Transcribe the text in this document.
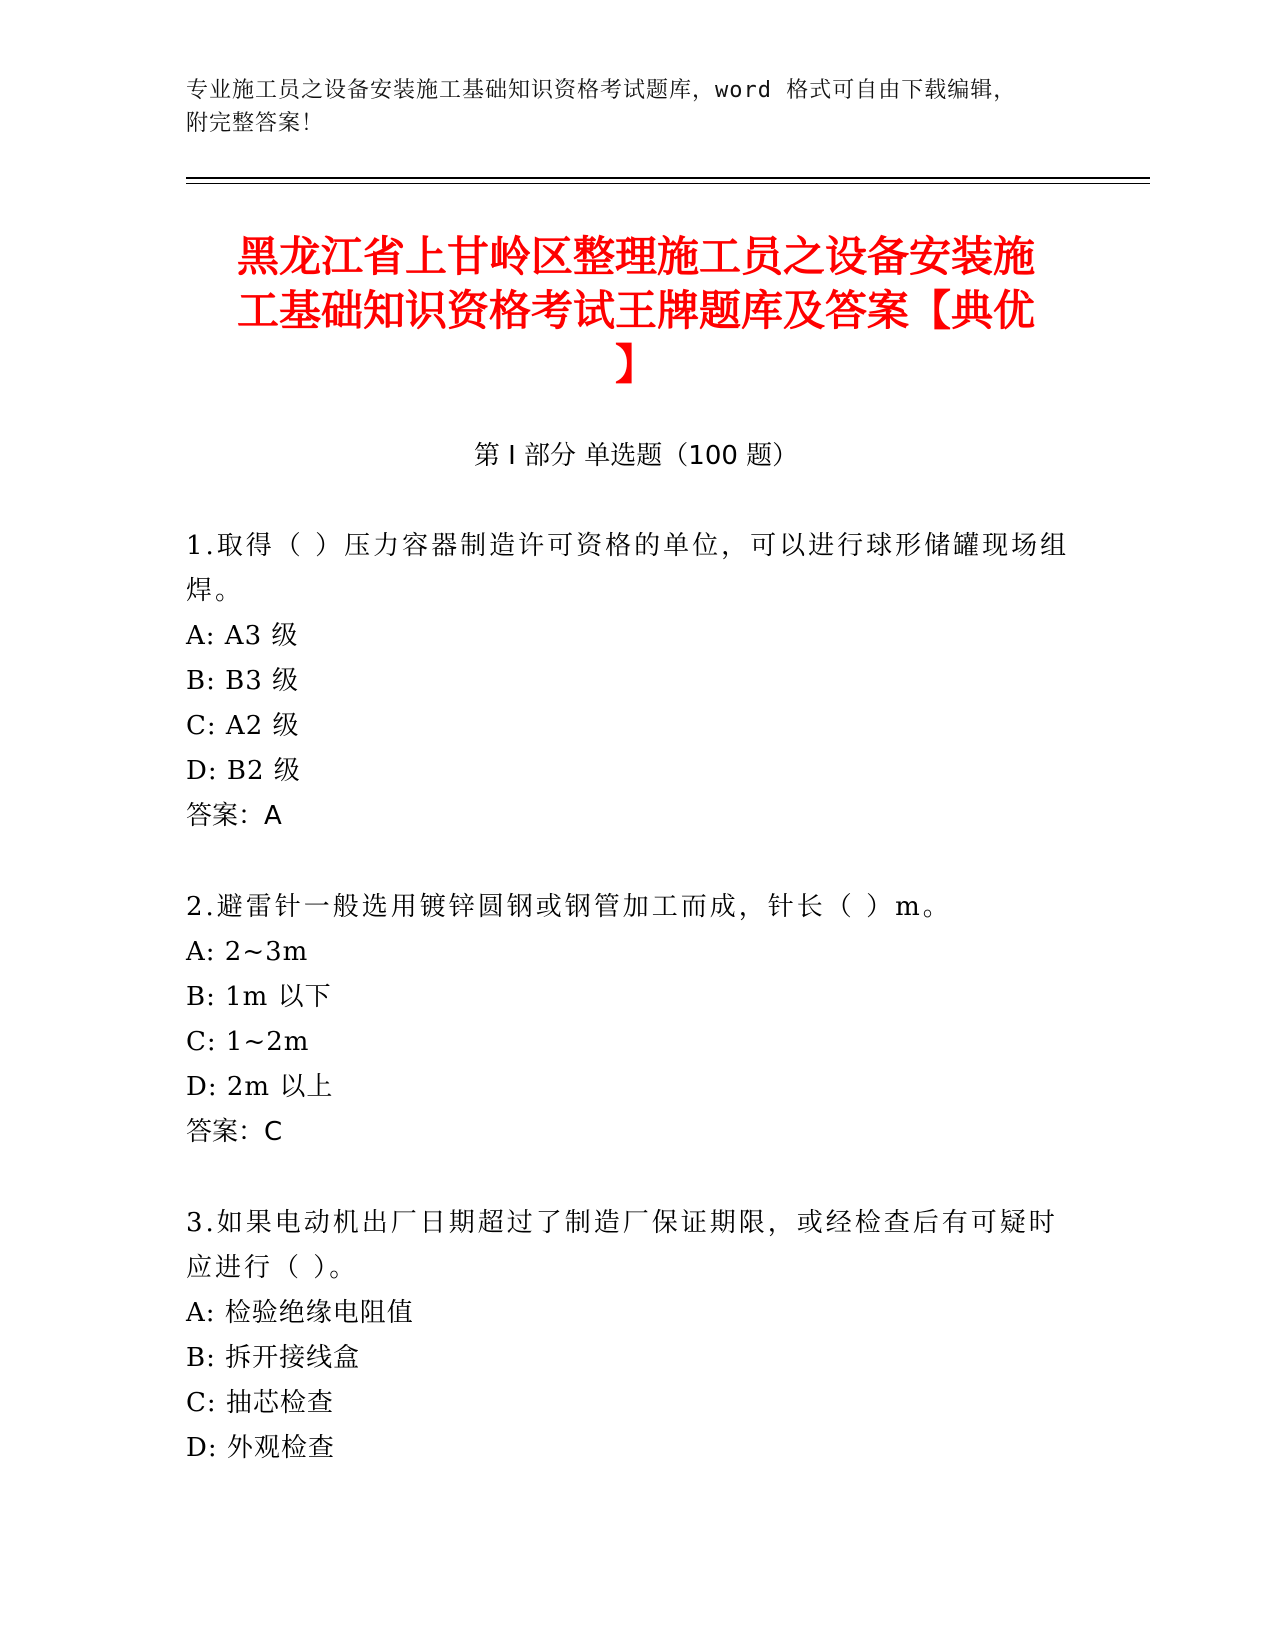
专业施工员之设备安装施工基础知识资格考试题库，word 格式可自由下载编辑，
附完整答案！
黑龙江省上甘岭区整理施工员之设备安装施
工基础知识资格考试王牌题库及答案【典优
】
第 I 部分 单选题（100 题）

1.取得（ ）压力容器制造许可资格的单位，可以进行球形储罐现场组

焊。

A: A3 级

B: B3 级

C: A2 级

D: B2 级

答案：A

2.避雷针一般选用镀锌圆钢或钢管加工而成，针长（ ）m。

A: 2~3m

B: 1m 以下

C: 1~2m

D: 2m 以上

答案：C

3.如果电动机出厂日期超过了制造厂保证期限，或经检查后有可疑时

应进行（ ）。

A: 检验绝缘电阻值

B: 拆开接线盒

C: 抽芯检查

D: 外观检查
